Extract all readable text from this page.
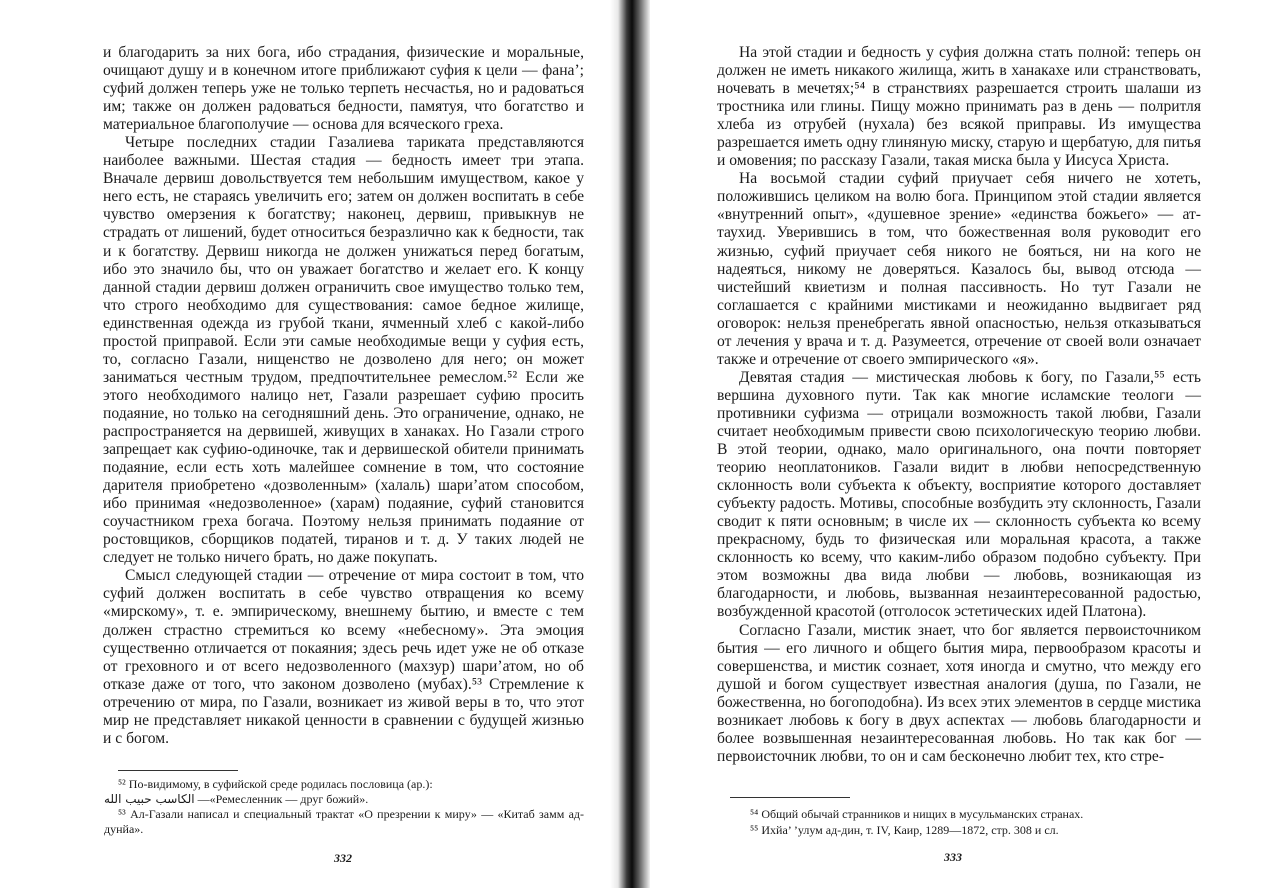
и благодарить за них бога, ибо страдания, физические и моральные, очищают душу и в конечном итоге приближают суфия к цели — фана’; суфий должен теперь уже не только терпеть несчастья, но и радоваться им; также он должен радоваться бедности, памятуя, что богатство и материальное благополучие — основа для всяческого греха.

Четыре последних стадии Газалиева тариката представляются наиболее важными. Шестая стадия — бедность имеет три этапа. Вначале дервиш довольствуется тем небольшим имуществом, какое у него есть, не стараясь увеличить его; затем он должен воспитать в себе чувство омерзения к богатству; наконец, дервиш, привыкнув не страдать от лишений, будет относиться безразлично как к бедности, так и к богатству. Дервиш никогда не должен унижаться перед богатым, ибо это значило бы, что он уважает богатство и желает его. К концу данной стадии дервиш должен ограничить свое имущество только тем, что строго необходимо для существования: самое бедное жилище, единственная одежда из грубой ткани, ячменный хлеб с какой-либо простой приправой. Если эти самые необходимые вещи у суфия есть, то, согласно Газали, нищенство не дозволено для него; он может заниматься честным трудом, предпочтительнее ремеслом.⁵² Если же этого необходимого налицо нет, Газали разрешает суфию просить подаяние, но только на сегодняшний день. Это ограничение, однако, не распространяется на дервишей, живущих в ханаках. Но Газали строго запрещает как суфию-одиночке, так и дервишеской обители принимать подаяние, если есть хоть малейшее сомнение в том, что состояние дарителя приобретено «дозволенным» (халаль) шари’атом способом, ибо принимая «недозволенное» (харам) подаяние, суфий становится соучастником греха богача. Поэтому нельзя принимать подаяние от ростовщиков, сборщиков податей, тиранов и т. д. У таких людей не следует не только ничего брать, но даже покупать.

Смысл следующей стадии — отречение от мира состоит в том, что суфий должен воспитать в себе чувство отвращения ко всему «мирскому», т. е. эмпирическому, внешнему бытию, и вместе с тем должен страстно стремиться ко всему «небесному». Эта эмоция существенно отличается от покаяния; здесь речь идет уже не об отказе от греховного и от всего недозволенного (махзур) шари’атом, но об отказе даже от того, что законом дозволено (мубах).⁵³ Стремление к отречению от мира, по Газали, возникает из живой веры в то, что этот мир не представляет никакой ценности в сравнении с будущей жизнью и с богом.

⁵² По-видимому, в суфийской среде родилась пословица (ар.):
الكاسب حبيب الله —«Ремесленник — друг божий».

⁵³ Ал-Газали написал и специальный трактат «О презрении к миру» — «Китаб замм ад-дунйа».

332

На этой стадии и бедность у суфия должна стать полной: теперь он должен не иметь никакого жилища, жить в ханакахе или странствовать, ночевать в мечетях;⁵⁴ в странствиях разрешается строить шалаши из тростника или глины. Пищу можно принимать раз в день — полритля хлеба из отрубей (нухала) без всякой приправы. Из имущества разрешается иметь одну глиняную миску, старую и щербатую, для питья и омовения; по рассказу Газали, такая миска была у Иисуса Христа.

На восьмой стадии суфий приучает себя ничего не хотеть, положившись целиком на волю бога. Принципом этой стадии является «внутренний опыт», «душевное зрение» «единства божьего» — ат-таухид. Уверившись в том, что божественная воля руководит его жизнью, суфий приучает себя никого не бояться, ни на кого не надеяться, никому не доверяться. Казалось бы, вывод отсюда — чистейший квиетизм и полная пассивность. Но тут Газали не соглашается с крайними мистиками и неожиданно выдвигает ряд оговорок: нельзя пренебрегать явной опасностью, нельзя отказываться от лечения у врача и т. д. Разумеется, отречение от своей воли означает также и отречение от своего эмпирического «я».

Девятая стадия — мистическая любовь к богу, по Газали,⁵⁵ есть вершина духовного пути. Так как многие исламские теологи — противники суфизма — отрицали возможность такой любви, Газали считает необходимым привести свою психологическую теорию любви. В этой теории, однако, мало оригинального, она почти повторяет теорию неоплатоников. Газали видит в любви непосредственную склонность воли субъекта к объекту, восприятие которого доставляет субъекту радость. Мотивы, способные возбудить эту склонность, Газали сводит к пяти основным; в числе их — склонность субъекта ко всему прекрасному, будь то физическая или моральная красота, а также склонность ко всему, что каким-либо образом подобно субъекту. При этом возможны два вида любви — любовь, возникающая из благодарности, и любовь, вызванная незаинтересованной радостью, возбужденной красотой (отголосок эстетических идей Платона).

Согласно Газали, мистик знает, что бог является первоисточником бытия — его личного и общего бытия мира, первообразом красоты и совершенства, и мистик сознает, хотя иногда и смутно, что между его душой и богом существует известная аналогия (душа, по Газали, не божественна, но богоподобна). Из всех этих элементов в сердце мистика возникает любовь к богу в двух аспектах — любовь благодарности и более возвышенная незаинтересованная любовь. Но так как бог — первоисточник любви, то он и сам бесконечно любит тех, кто стре-

⁵⁴ Общий обычай странников и нищих в мусульманских странах.

⁵⁵ Ихйа’ ’улум ад-дин, т. IV, Каир, 1289—1872, стр. 308 и сл.

333
